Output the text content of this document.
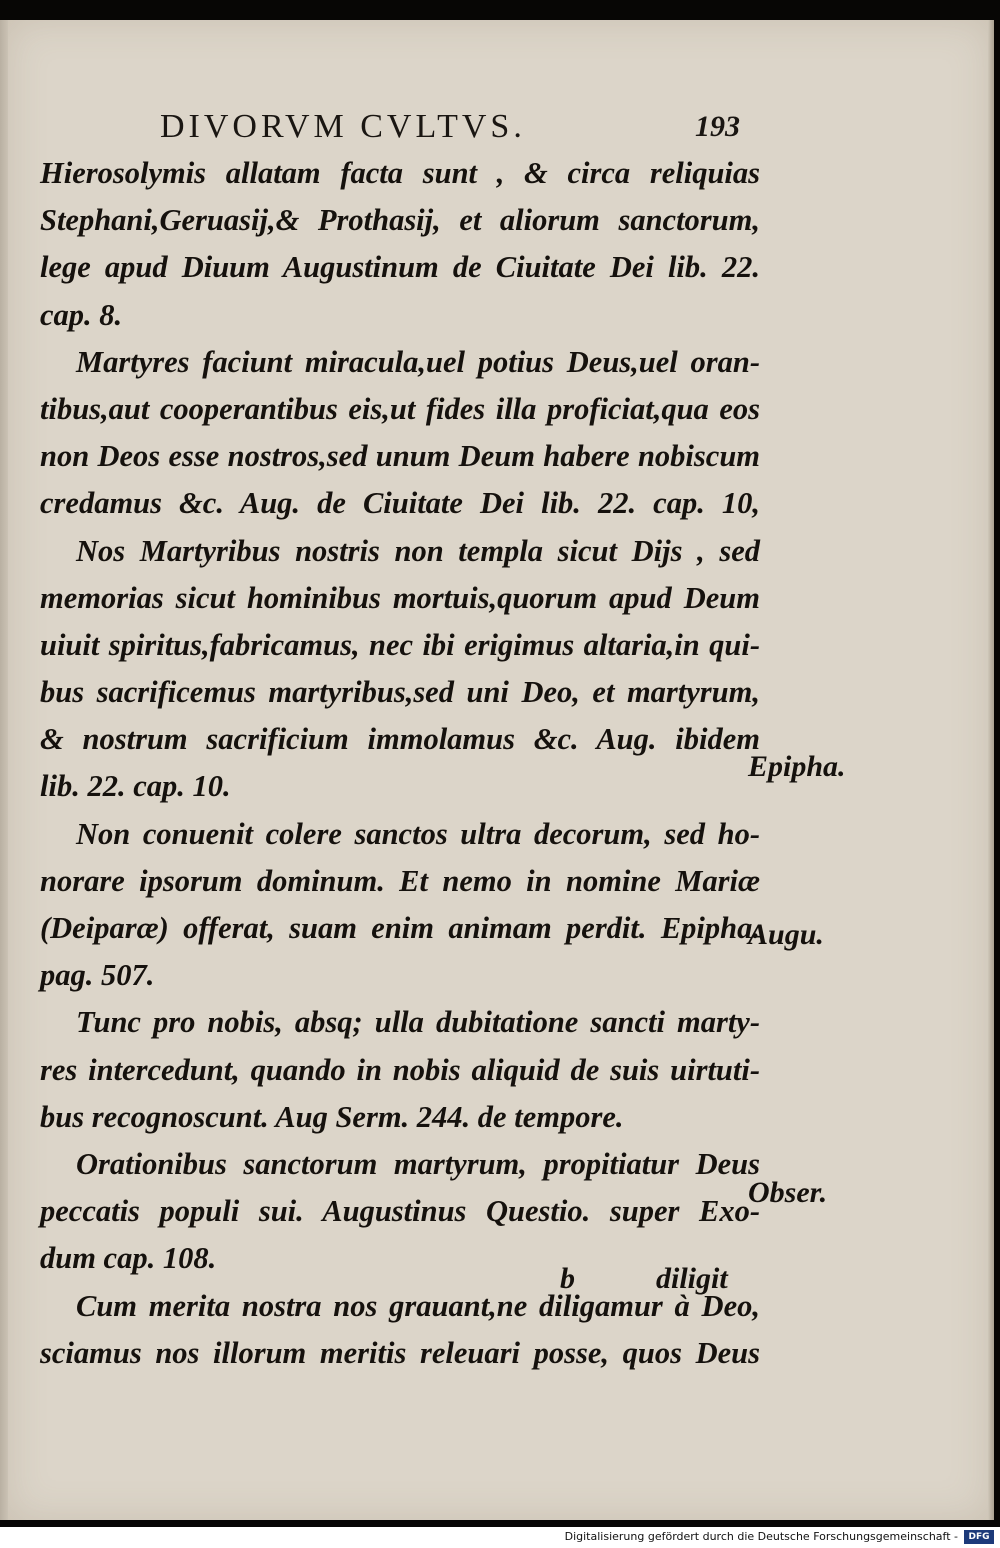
DIVORVM CVLTVS.	193
Hierosolymis allatam facta sunt , & circa reliquias
Stephani,Geruasij,& Prothasij, et aliorum sanctorum,
lege apud Diuum Augustinum de Ciuitate Dei lib. 22.
cap. 8.
Martyres faciunt miracula,uel potius Deus,uel oran-
tibus,aut cooperantibus eis,ut fides illa proficiat,qua eos
non Deos esse nostros,sed unum Deum habere nobiscum
credamus &c. Aug. de Ciuitate Dei lib. 22. cap. 10,
Nos Martyribus nostris non templa sicut Dijs , sed
memorias sicut hominibus mortuis,quorum apud Deum
uiuit spiritus,fabricamus, nec ibi erigimus altaria,in qui-
bus sacrificemus martyribus,sed uni Deo, et martyrum,
& nostrum sacrificium immolamus &c. Aug. ibidem
lib. 22. cap. 10.
Non conuenit colere sanctos ultra decorum, sed ho-
norare ipsorum dominum. Et nemo in nomine Mariæ
(Deiparæ) offerat, suam enim animam perdit. Epipha.
pag. 507.
Tunc pro nobis, absq; ulla dubitatione sancti marty-
res intercedunt, quando in nobis aliquid de suis uirtuti-
bus recognoscunt. Aug Serm. 244. de tempore.
Orationibus sanctorum martyrum, propitiatur Deus
peccatis populi sui. Augustinus Questio. super Exo-
dum cap. 108.
Cum merita nostra nos grauant,ne diligamur à Deo,
sciamus nos illorum meritis releuari posse, quos Deus
Epipha.
Augu.
Obser.
b	diligit
Digitalisierung gefördert durch die Deutsche Forschungsgemeinschaft -	DFG
